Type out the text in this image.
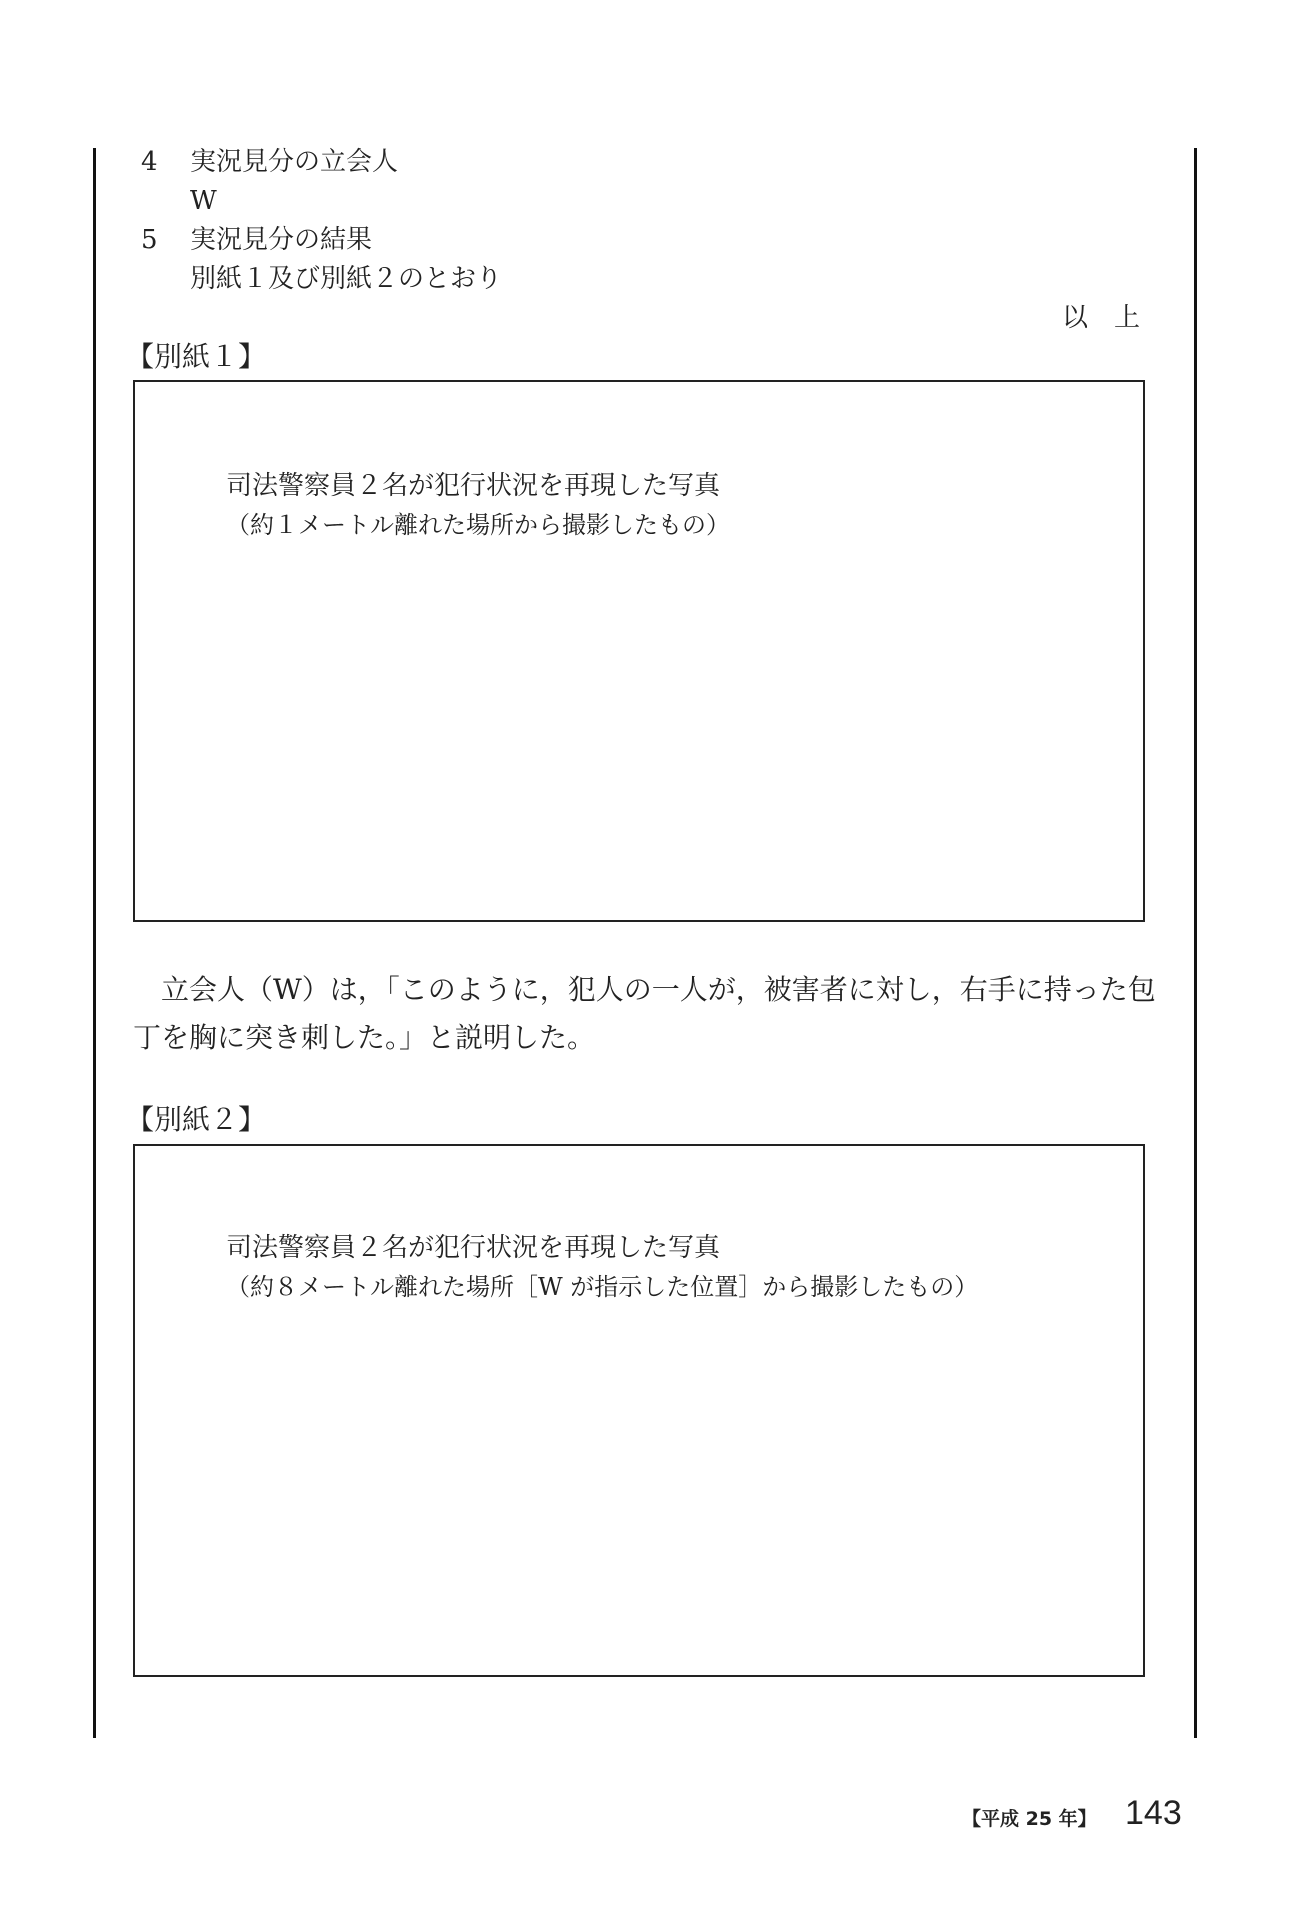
4 実況見分の立会人
W
5 実況見分の結果
別紙１及び別紙２のとおり
以　上
【別紙１】
司法警察員２名が犯行状況を再現した写真
（約１メートル離れた場所から撮影したもの）

立会人（W）は，「このように，犯人の一人が，被害者に対し，右手に持った包丁を胸に突き刺した。」と説明した。

【別紙２】
司法警察員２名が犯行状況を再現した写真
（約８メートル離れた場所［W が指示した位置］から撮影したもの）
【平成 25 年】 143
